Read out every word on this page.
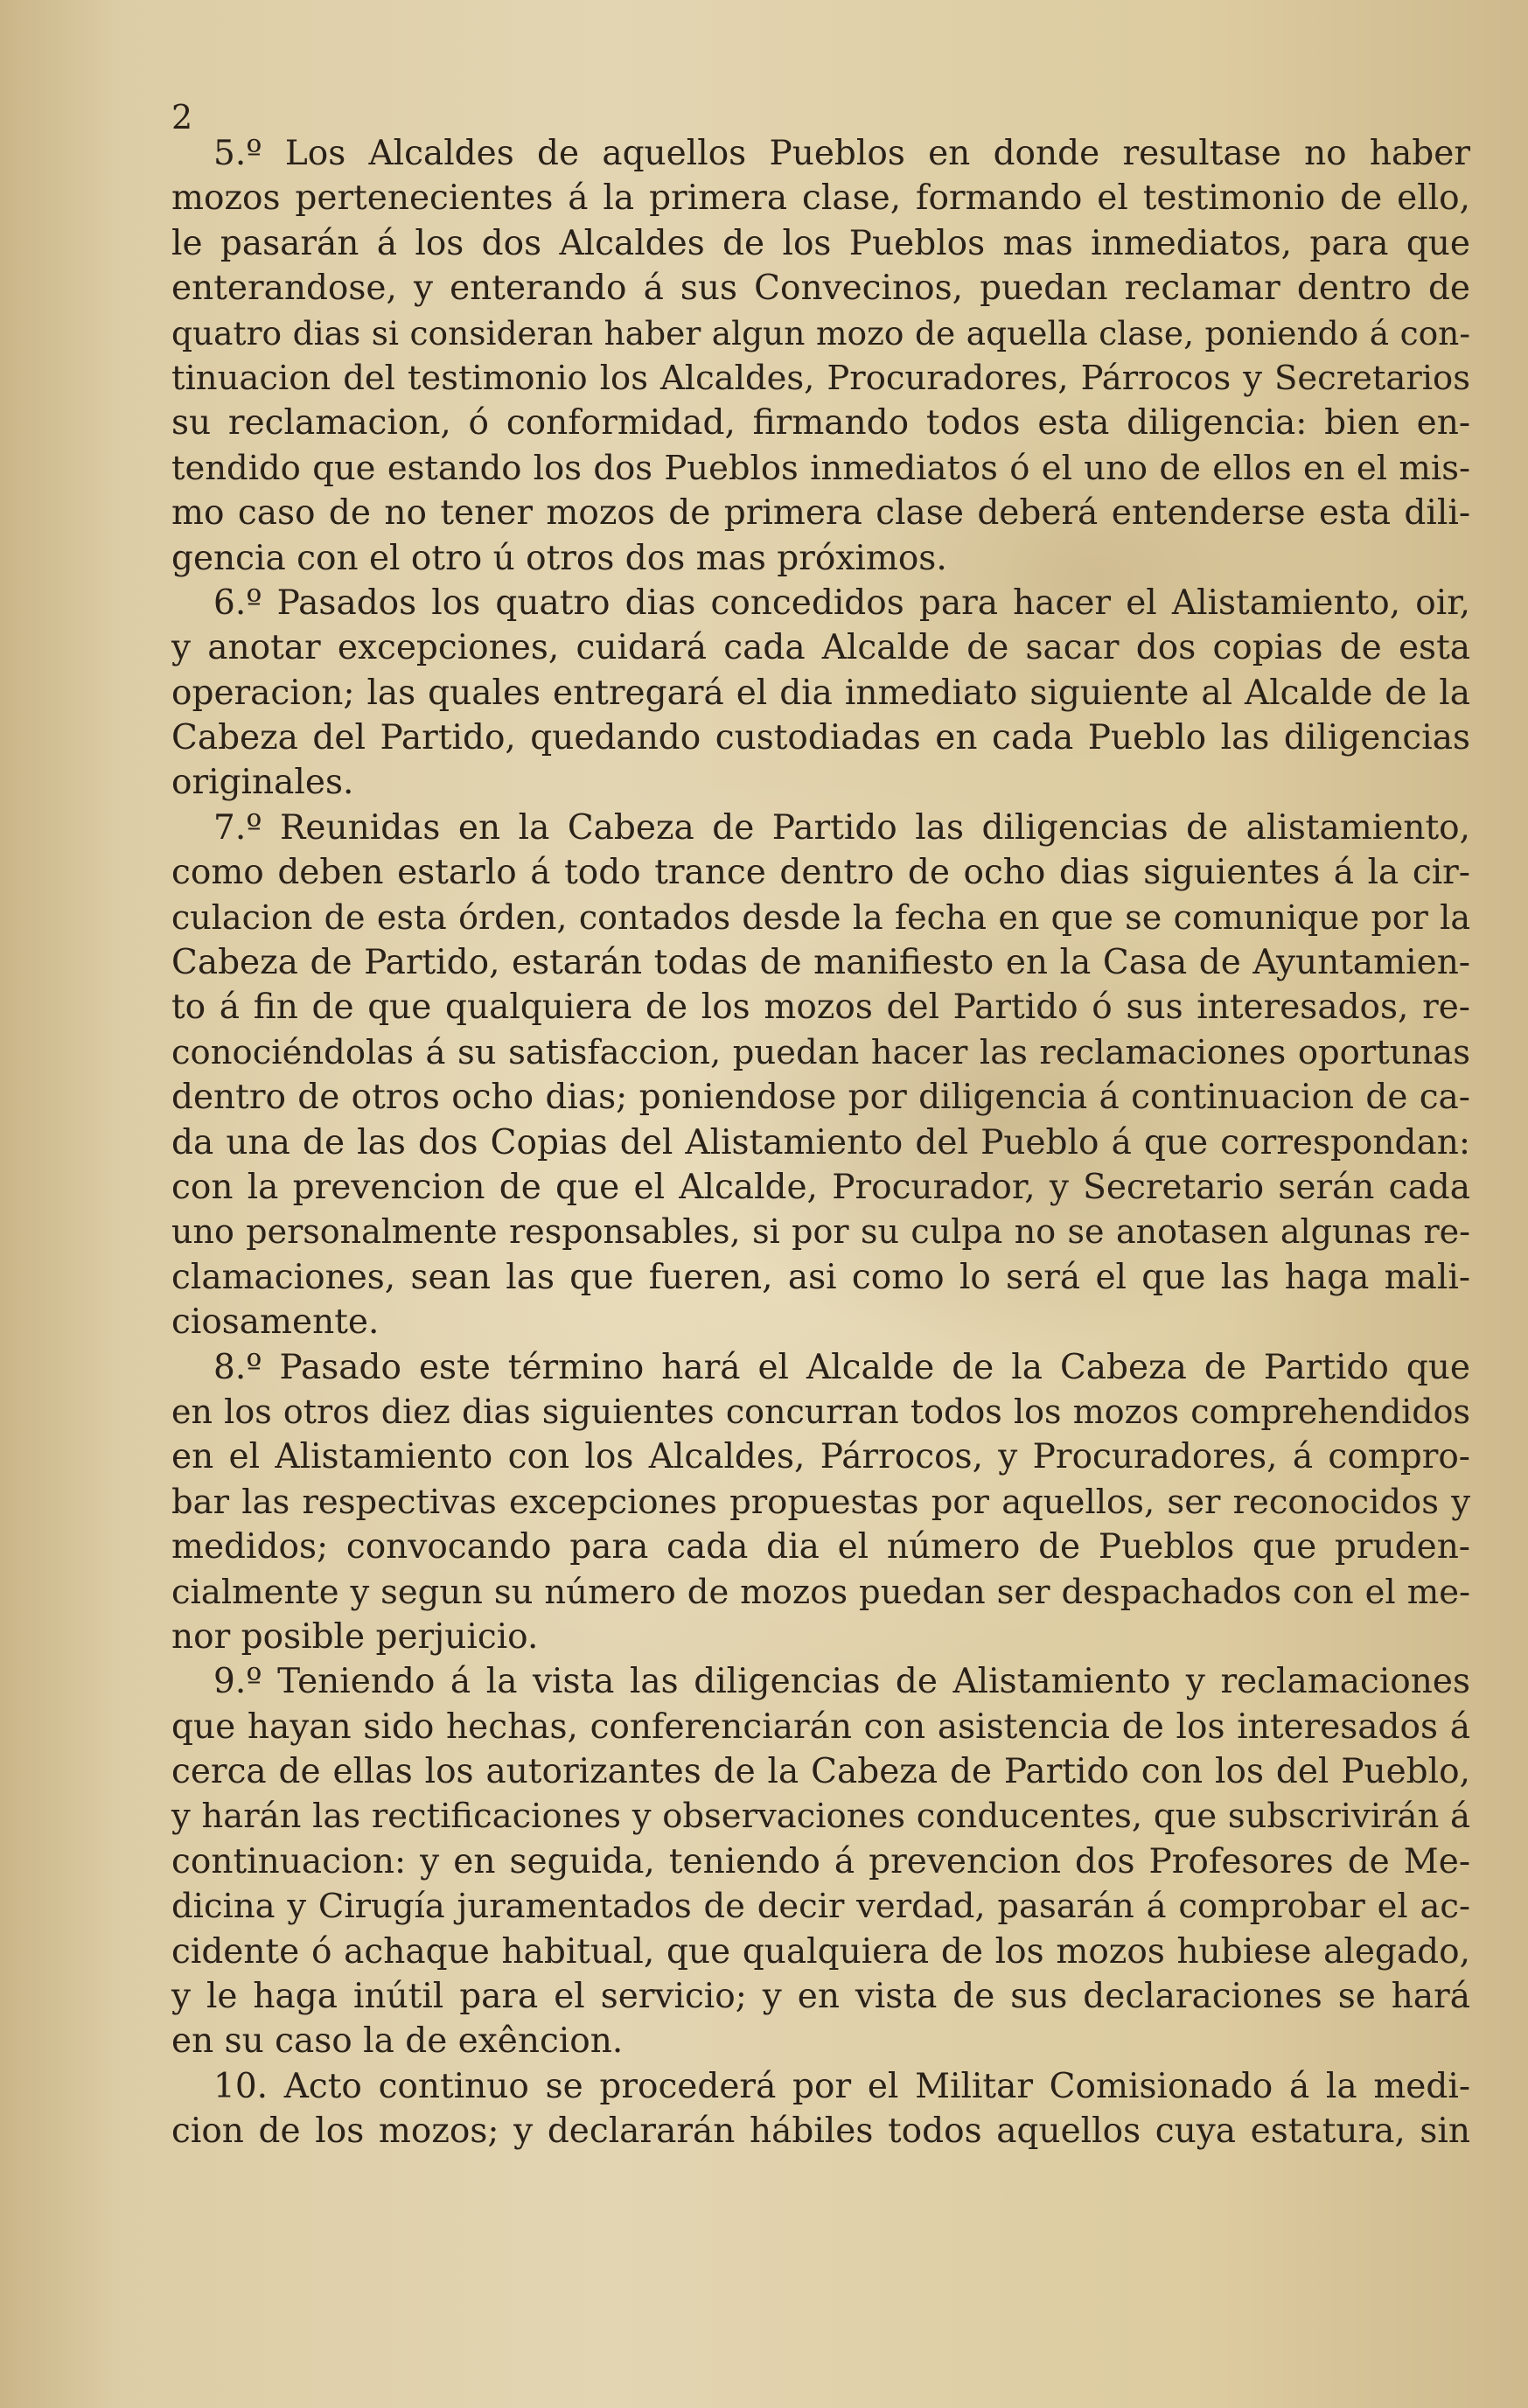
2
5.º Los Alcaldes de aquellos Pueblos en donde resultase no haber
mozos pertenecientes á la primera clase, formando el testimonio de ello,
le pasarán á los dos Alcaldes de los Pueblos mas inmediatos, para que
enterandose, y enterando á sus Convecinos, puedan reclamar dentro de
quatro dias si consideran haber algun mozo de aquella clase, poniendo á con-
tinuacion del testimonio los Alcaldes, Procuradores, Párrocos y Secretarios
su reclamacion, ó conformidad, firmando todos esta diligencia: bien en-
tendido que estando los dos Pueblos inmediatos ó el uno de ellos en el mis-
mo caso de no tener mozos de primera clase deberá entenderse esta dili-
gencia con el otro ú otros dos mas próximos.
6.º Pasados los quatro dias concedidos para hacer el Alistamiento, oir,
y anotar excepciones, cuidará cada Alcalde de sacar dos copias de esta
operacion; las quales entregará el dia inmediato siguiente al Alcalde de la
Cabeza del Partido, quedando custodiadas en cada Pueblo las diligencias
originales.
7.º Reunidas en la Cabeza de Partido las diligencias de alistamiento,
como deben estarlo á todo trance dentro de ocho dias siguientes á la cir-
culacion de esta órden, contados desde la fecha en que se comunique por la
Cabeza de Partido, estarán todas de manifiesto en la Casa de Ayuntamien-
to á fin de que qualquiera de los mozos del Partido ó sus interesados, re-
conociéndolas á su satisfaccion, puedan hacer las reclamaciones oportunas
dentro de otros ocho dias; poniendose por diligencia á continuacion de ca-
da una de las dos Copias del Alistamiento del Pueblo á que correspondan:
con la prevencion de que el Alcalde, Procurador, y Secretario serán cada
uno personalmente responsables, si por su culpa no se anotasen algunas re-
clamaciones, sean las que fueren, asi como lo será el que las haga mali-
ciosamente.
8.º Pasado este término hará el Alcalde de la Cabeza de Partido que
en los otros diez dias siguientes concurran todos los mozos comprehendidos
en el Alistamiento con los Alcaldes, Párrocos, y Procuradores, á compro-
bar las respectivas excepciones propuestas por aquellos, ser reconocidos y
medidos; convocando para cada dia el número de Pueblos que pruden-
cialmente y segun su número de mozos puedan ser despachados con el me-
nor posible perjuicio.
9.º Teniendo á la vista las diligencias de Alistamiento y reclamaciones
que hayan sido hechas, conferenciarán con asistencia de los interesados á
cerca de ellas los autorizantes de la Cabeza de Partido con los del Pueblo,
y harán las rectificaciones y observaciones conducentes, que subscrivirán á
continuacion: y en seguida, teniendo á prevencion dos Profesores de Me-
dicina y Cirugía juramentados de decir verdad, pasarán á comprobar el ac-
cidente ó achaque habitual, que qualquiera de los mozos hubiese alegado,
y le haga inútil para el servicio; y en vista de sus declaraciones se hará
en su caso la de exêncion.
10. Acto continuo se procederá por el Militar Comisionado á la medi-
cion de los mozos; y declararán hábiles todos aquellos cuya estatura, sin
